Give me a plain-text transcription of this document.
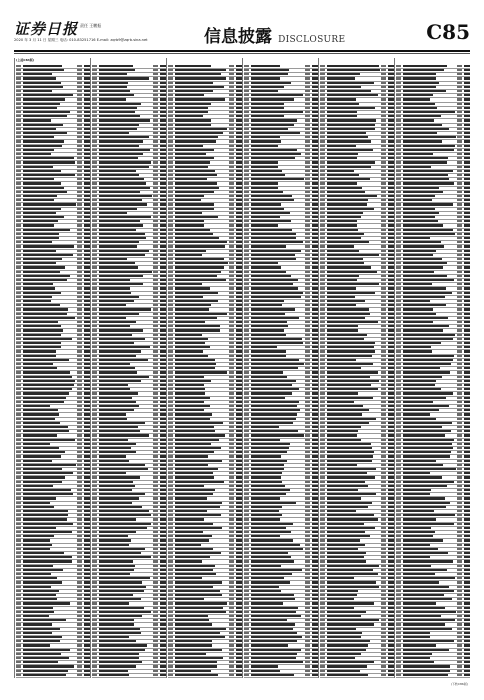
证券日报 责任 王鹏振
2020 年 3 月 11 日 星期三 电话: 010-83251716 E-mail: zqrb9@zqrb.sina.net	信息披露 DISCLOSURE	C85
(上接C84版)
(下转C86版)
